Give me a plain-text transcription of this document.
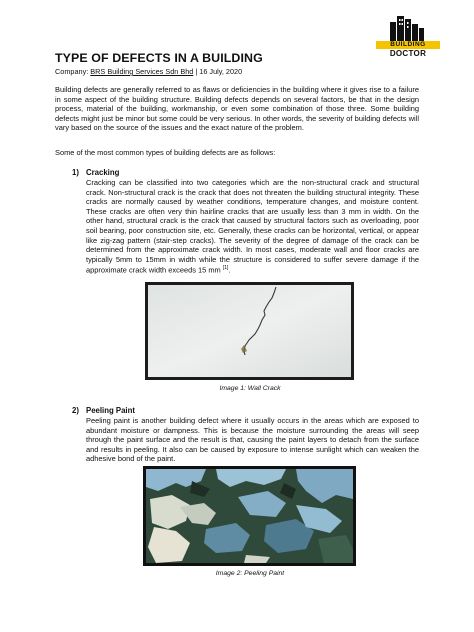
BUILDING
DOCTOR
TYPE OF DEFECTS IN A BUILDING
Company: BRS Building Services Sdn Bhd | 16 July, 2020
Building defects are generally referred to as flaws or deficiencies in the building where it gives rise to a failure in some aspect of the building structure. Building defects depends on several factors, be that in the design process, material of the building, workmanship, or even some combination of those three. Some building defects might just be minor but some could be very serious. In other words, the severity of building defects will vary based on the source of the issues and the exact nature of the problem.
Some of the most common types of building defects are as follows:
1) Cracking
Cracking can be classified into two categories which are the non-structural crack and structural crack. Non-structural crack is the crack that does not threaten the building structural integrity. These cracks are normally caused by weather conditions, temperature changes, and moisture content. These cracks are often very thin hairline cracks that are usually less than 3 mm in width. On the other hand, structural crack is the crack that caused by structural factors such as overloading, poor soil bearing, poor construction site, etc. Generally, these cracks can be horizontal, vertical, or appear like zig-zag pattern (stair-step cracks). The severity of the degree of damage of the crack can be determined from the approximate crack width. In most cases, moderate wall and floor cracks are typically 5mm to 15mm in width while the structure is considered to suffer severe damage if the approximate crack width exceeds 15 mm [1].
Image 1: Wall Crack
2) Peeling Paint
Peeling paint is another building defect where it usually occurs in the areas which are exposed to abundant moisture or dampness. This is because the moisture surrounding the areas will seep through the paint surface and the result is that, causing the paint layers to detach from the surface and results in peeling. It also can be caused by exposure to intense sunlight which can weaken the adhesive bond of the paint.
Image 2: Peeling Paint
